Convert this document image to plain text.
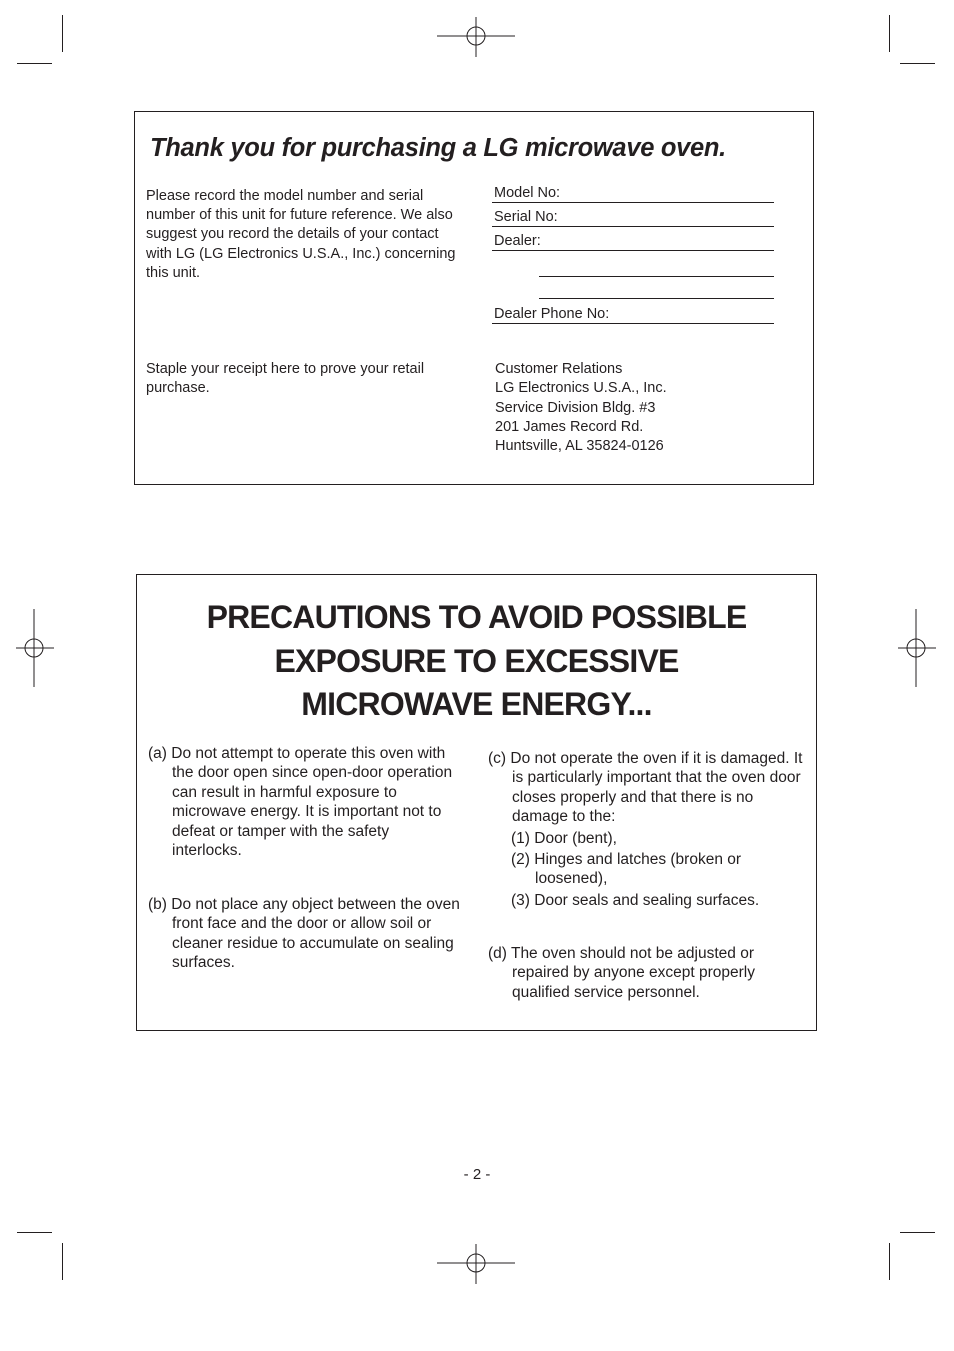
Thank you for purchasing a LG microwave oven.

Please record the model number and serial number of this unit for future reference. We also suggest you record the details of your contact with LG (LG Electronics U.S.A., Inc.) concerning this unit.

Model No:
Serial No:
Dealer:
Dealer Phone No:

Staple your receipt here to prove your retail purchase.

Customer Relations
LG Electronics U.S.A., Inc.
Service Division Bldg. #3
201 James Record Rd.
Huntsville, AL 35824-0126
PRECAUTIONS TO AVOID POSSIBLE
EXPOSURE TO EXCESSIVE
MICROWAVE ENERGY...

(a) Do not attempt to operate this oven with the door open since open-door operation can result in harmful exposure to microwave energy. It is important not to defeat or tamper with the safety interlocks.

(b) Do not place any object between the oven front face and the door or allow soil or cleaner residue to accumulate on sealing surfaces.

(c) Do not operate the oven if it is damaged. It is particularly important that the oven door closes properly and that there is no damage to the:

(1) Door (bent),
(2) Hinges and latches (broken or loosened),
(3) Door seals and sealing surfaces.

(d) The oven should not be adjusted or repaired by anyone except properly qualified service personnel.

- 2 -
